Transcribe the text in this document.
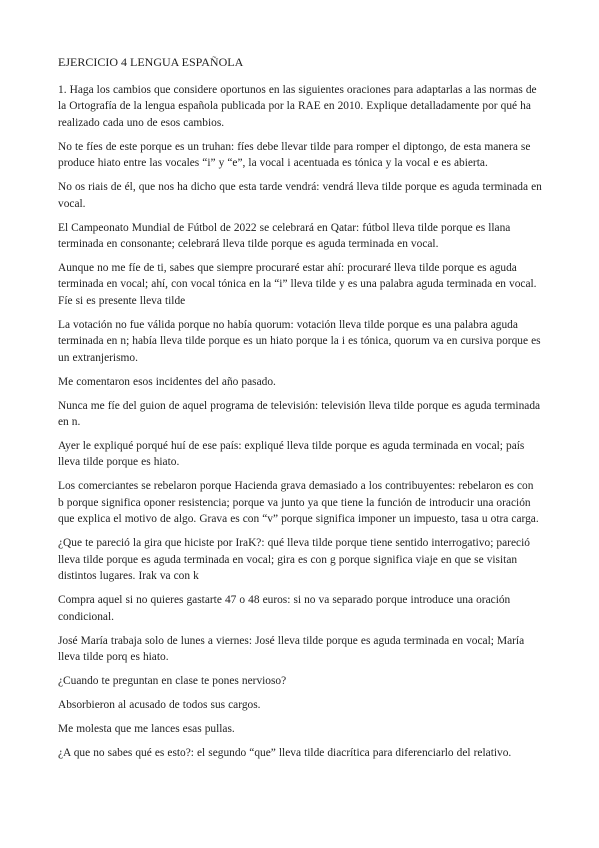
EJERCICIO 4 LENGUA ESPAÑOLA

1. Haga los cambios que considere oportunos en las siguientes oraciones para adaptarlas a las normas de la Ortografía de la lengua española publicada por la RAE en 2010. Explique detalladamente por qué ha realizado cada uno de esos cambios.

No te fíes de este porque es un truhan: fíes debe llevar tilde para romper el diptongo, de esta manera se produce hiato entre las vocales “i” y “e”, la vocal i acentuada es tónica y la vocal e es abierta.

No os riais de él, que nos ha dicho que esta tarde vendrá: vendrá lleva tilde porque es aguda terminada en vocal.

El Campeonato Mundial de Fútbol de 2022 se celebrará en Qatar: fútbol lleva tilde porque es llana terminada en consonante; celebrará lleva tilde porque es aguda terminada en vocal.

Aunque no me fíe de ti, sabes que siempre procuraré estar ahí: procuraré lleva tilde porque es aguda terminada en vocal; ahí, con vocal tónica en la “i” lleva tilde y es una palabra aguda terminada en vocal. Fíe si es presente lleva tilde

La votación no fue válida porque no había quorum: votación lleva tilde porque es una palabra aguda terminada en n; había lleva tilde porque es un hiato porque la i es tónica, quorum va en cursiva porque es un extranjerismo.

Me comentaron esos incidentes del año pasado.

Nunca me fíe del guion de aquel programa de televisión: televisión lleva tilde porque es aguda terminada en n.

Ayer le expliqué porqué huí de ese país: expliqué lleva tilde porque es aguda terminada en vocal; país lleva tilde porque es hiato.

Los comerciantes se rebelaron porque Hacienda grava demasiado a los contribuyentes: rebelaron es con b porque significa oponer resistencia; porque va junto ya que tiene la función de introducir una oración que explica el motivo de algo. Grava es con “v” porque significa imponer un impuesto, tasa u otra carga.

¿Que te pareció la gira que hiciste por IraK?: qué lleva tilde porque tiene sentido interrogativo; pareció lleva tilde porque es aguda terminada en vocal; gira es con g porque significa viaje en que se visitan distintos lugares. Irak va con k

Compra aquel si no quieres gastarte 47 o 48 euros: si no va separado porque introduce una oración condicional.

José María trabaja solo de lunes a viernes: José lleva tilde porque es aguda terminada en vocal; María lleva tilde porq es hiato.

¿Cuando te preguntan en clase te pones nervioso?

Absorbieron al acusado de todos sus cargos.

Me molesta que me lances esas pullas.

¿A que no sabes qué es esto?: el segundo “que” lleva tilde diacrítica para diferenciarlo del relativo.
